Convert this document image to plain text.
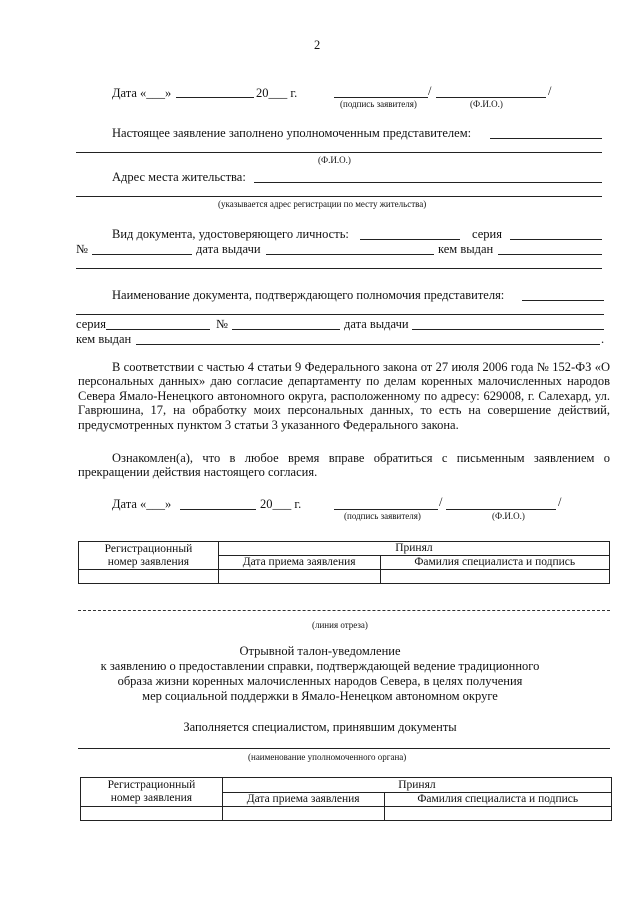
2
Дата «___»	20___ г.	/	/
(подпись заявителя)	(Ф.И.О.)
Настоящее заявление заполнено уполномоченным представителем:
(Ф.И.О.)
Адрес места жительства:
(указывается адрес регистрации по месту жительства)
Вид документа, удостоверяющего личность:	серия
№	дата выдачи	кем выдан
Наименование документа, подтверждающего полномочия представителя:
серия	№	дата выдачи
кем выдан	.
В соответствии с частью 4 статьи 9 Федерального закона от 27 июля 2006 года № 152-ФЗ «О персональных данных» даю согласие департаменту по делам коренных малочисленных народов Севера Ямало-Ненецкого автономного округа, расположенному по адресу: 629008, г. Салехард, ул. Гаврюшина, 17, на обработку моих персональных данных, то есть на совершение действий, предусмотренных пунктом 3 статьи 3 указанного Федерального закона.
Ознакомлен(а), что в любое время вправе обратиться с письменным заявлением о прекращении действия настоящего согласия.
Дата «___»	20___ г.	/	/
(подпись заявителя)	(Ф.И.О.)
Регистрационный
номер заявления	Принял	
	Дата приема заявления	Фамилия специалиста и подпись

(линия отреза)
Отрывной талон-уведомление
к заявлению о предоставлении справки, подтверждающей ведение традиционного
образа жизни коренных малочисленных народов Севера, в целях получения
мер социальной поддержки в Ямало-Ненецком автономном округе
Заполняется специалистом, принявшим документы
(наименование уполномоченного органа)
Регистрационный
номер заявления	Принял	
	Дата приема заявления	Фамилия специалиста и подпись
